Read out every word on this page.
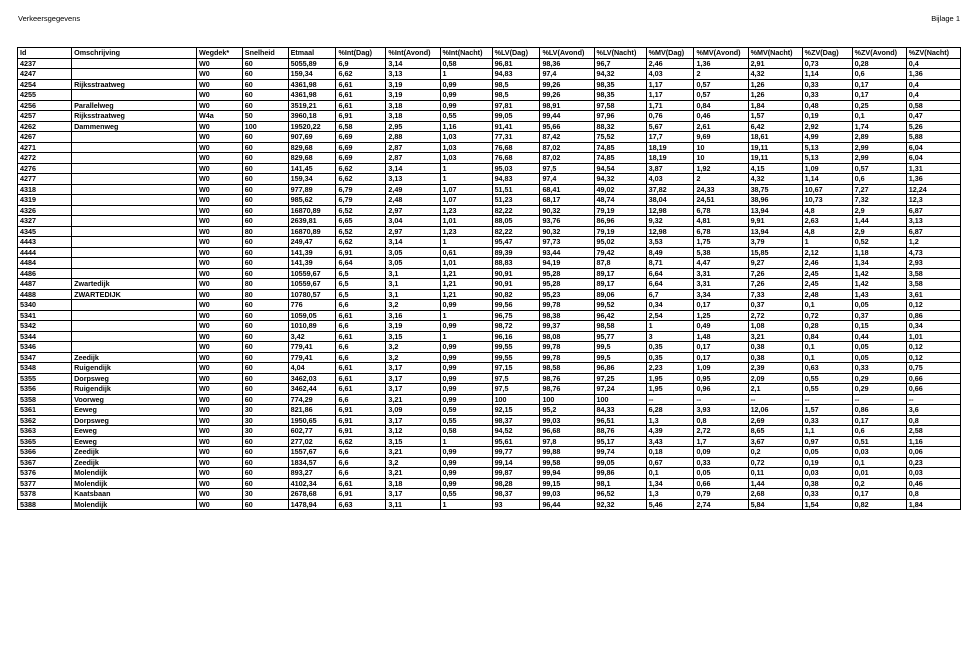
Verkeersgegevens	Bijlage 1
Id	Omschrijving	Wegdek*	Snelheid	Etmaal	%Int(Dag)	%Int(Avond)	%Int(Nacht)	%LV(Dag)	%LV(Avond)	%LV(Nacht)	%MV(Dag)	%MV(Avond)	%MV(Nacht)	%ZV(Dag)	%ZV(Avond)	%ZV(Nacht)
4237		W0	60	5055,89	6,9	3,14	0,58	96,81	98,36	96,7	2,46	1,36	2,91	0,73	0,28	0,4
4247		W0	60	159,34	6,62	3,13	1	94,83	97,4	94,32	4,03	2	4,32	1,14	0,6	1,36
4254	Rijksstraatweg	W0	60	4361,98	6,61	3,19	0,99	98,5	99,26	98,35	1,17	0,57	1,26	0,33	0,17	0,4
4255		W0	60	4361,98	6,61	3,19	0,99	98,5	99,26	98,35	1,17	0,57	1,26	0,33	0,17	0,4
4256	Parallelweg	W0	60	3519,21	6,61	3,18	0,99	97,81	98,91	97,58	1,71	0,84	1,84	0,48	0,25	0,58
4257	Rijksstraatweg	W4a	50	3960,18	6,91	3,18	0,55	99,05	99,44	97,96	0,76	0,46	1,57	0,19	0,1	0,47
4262	Dammenweg	W0	100	19520,22	6,58	2,95	1,16	91,41	95,66	88,32	5,67	2,61	6,42	2,92	1,74	5,26
4267		W0	60	907,69	6,69	2,88	1,03	77,31	87,42	75,52	17,7	9,69	18,61	4,99	2,89	5,88
4271		W0	60	829,68	6,69	2,87	1,03	76,68	87,02	74,85	18,19	10	19,11	5,13	2,99	6,04
4272		W0	60	829,68	6,69	2,87	1,03	76,68	87,02	74,85	18,19	10	19,11	5,13	2,99	6,04
4276		W0	60	141,45	6,62	3,14	1	95,03	97,5	94,54	3,87	1,92	4,15	1,09	0,57	1,31
4277		W0	60	159,34	6,62	3,13	1	94,83	97,4	94,32	4,03	2	4,32	1,14	0,6	1,36
4318		W0	60	977,89	6,79	2,49	1,07	51,51	68,41	49,02	37,82	24,33	38,75	10,67	7,27	12,24
4319		W0	60	985,62	6,79	2,48	1,07	51,23	68,17	48,74	38,04	24,51	38,96	10,73	7,32	12,3
4326		W0	60	16870,89	6,52	2,97	1,23	82,22	90,32	79,19	12,98	6,78	13,94	4,8	2,9	6,87
4327		W0	60	2639,81	6,65	3,04	1,01	88,05	93,76	86,96	9,32	4,81	9,91	2,63	1,44	3,13
4345		W0	80	16870,89	6,52	2,97	1,23	82,22	90,32	79,19	12,98	6,78	13,94	4,8	2,9	6,87
4443		W0	60	249,47	6,62	3,14	1	95,47	97,73	95,02	3,53	1,75	3,79	1	0,52	1,2
4444		W0	60	141,39	6,91	3,05	0,61	89,39	93,44	79,42	8,49	5,38	15,85	2,12	1,18	4,73
4484		W0	60	141,39	6,64	3,05	1,01	88,83	94,19	87,8	8,71	4,47	9,27	2,46	1,34	2,93
4486		W0	60	10559,67	6,5	3,1	1,21	90,91	95,28	89,17	6,64	3,31	7,26	2,45	1,42	3,58
4487	Zwartedijk	W0	80	10559,67	6,5	3,1	1,21	90,91	95,28	89,17	6,64	3,31	7,26	2,45	1,42	3,58
4488	ZWARTEDIJK	W0	80	10780,57	6,5	3,1	1,21	90,82	95,23	89,06	6,7	3,34	7,33	2,48	1,43	3,61
5340		W0	60	776	6,6	3,2	0,99	99,56	99,78	99,52	0,34	0,17	0,37	0,1	0,05	0,12
5341		W0	60	1059,05	6,61	3,16	1	96,75	98,38	96,42	2,54	1,25	2,72	0,72	0,37	0,86
5342		W0	60	1010,89	6,6	3,19	0,99	98,72	99,37	98,58	1	0,49	1,08	0,28	0,15	0,34
5344		W0	60	3,42	6,61	3,15	1	96,16	98,08	95,77	3	1,48	3,21	0,84	0,44	1,01
5346		W0	60	779,41	6,6	3,2	0,99	99,55	99,78	99,5	0,35	0,17	0,38	0,1	0,05	0,12
5347	Zeedijk	W0	60	779,41	6,6	3,2	0,99	99,55	99,78	99,5	0,35	0,17	0,38	0,1	0,05	0,12
5348	Ruigendijk	W0	60	4,04	6,61	3,17	0,99	97,15	98,58	96,86	2,23	1,09	2,39	0,63	0,33	0,75
5355	Dorpsweg	W0	60	3462,03	6,61	3,17	0,99	97,5	98,76	97,25	1,95	0,95	2,09	0,55	0,29	0,66
5356	Ruigendijk	W0	60	3462,44	6,61	3,17	0,99	97,5	98,76	97,24	1,95	0,96	2,1	0,55	0,29	0,66
5358	Voorweg	W0	60	774,29	6,6	3,21	0,99	100	100	100	--	--	--	--	--	--
5361	Eeweg	W0	30	821,86	6,91	3,09	0,59	92,15	95,2	84,33	6,28	3,93	12,06	1,57	0,86	3,6
5362	Dorpsweg	W0	30	1950,65	6,91	3,17	0,55	98,37	99,03	96,51	1,3	0,8	2,69	0,33	0,17	0,8
5363	Eeweg	W0	30	602,77	6,91	3,12	0,58	94,52	96,68	88,76	4,39	2,72	8,65	1,1	0,6	2,58
5365	Eeweg	W0	60	277,02	6,62	3,15	1	95,61	97,8	95,17	3,43	1,7	3,67	0,97	0,51	1,16
5366	Zeedijk	W0	60	1557,67	6,6	3,21	0,99	99,77	99,88	99,74	0,18	0,09	0,2	0,05	0,03	0,06
5367	Zeedijk	W0	60	1834,57	6,6	3,2	0,99	99,14	99,58	99,05	0,67	0,33	0,72	0,19	0,1	0,23
5376	Molendijk	W0	60	893,27	6,6	3,21	0,99	99,87	99,94	99,86	0,1	0,05	0,11	0,03	0,01	0,03
5377	Molendijk	W0	60	4102,34	6,61	3,18	0,99	98,28	99,15	98,1	1,34	0,66	1,44	0,38	0,2	0,46
5378	Kaatsbaan	W0	30	2678,68	6,91	3,17	0,55	98,37	99,03	96,52	1,3	0,79	2,68	0,33	0,17	0,8
5388	Molendijk	W0	60	1478,94	6,63	3,11	1	93	96,44	92,32	5,46	2,74	5,84	1,54	0,82	1,84
